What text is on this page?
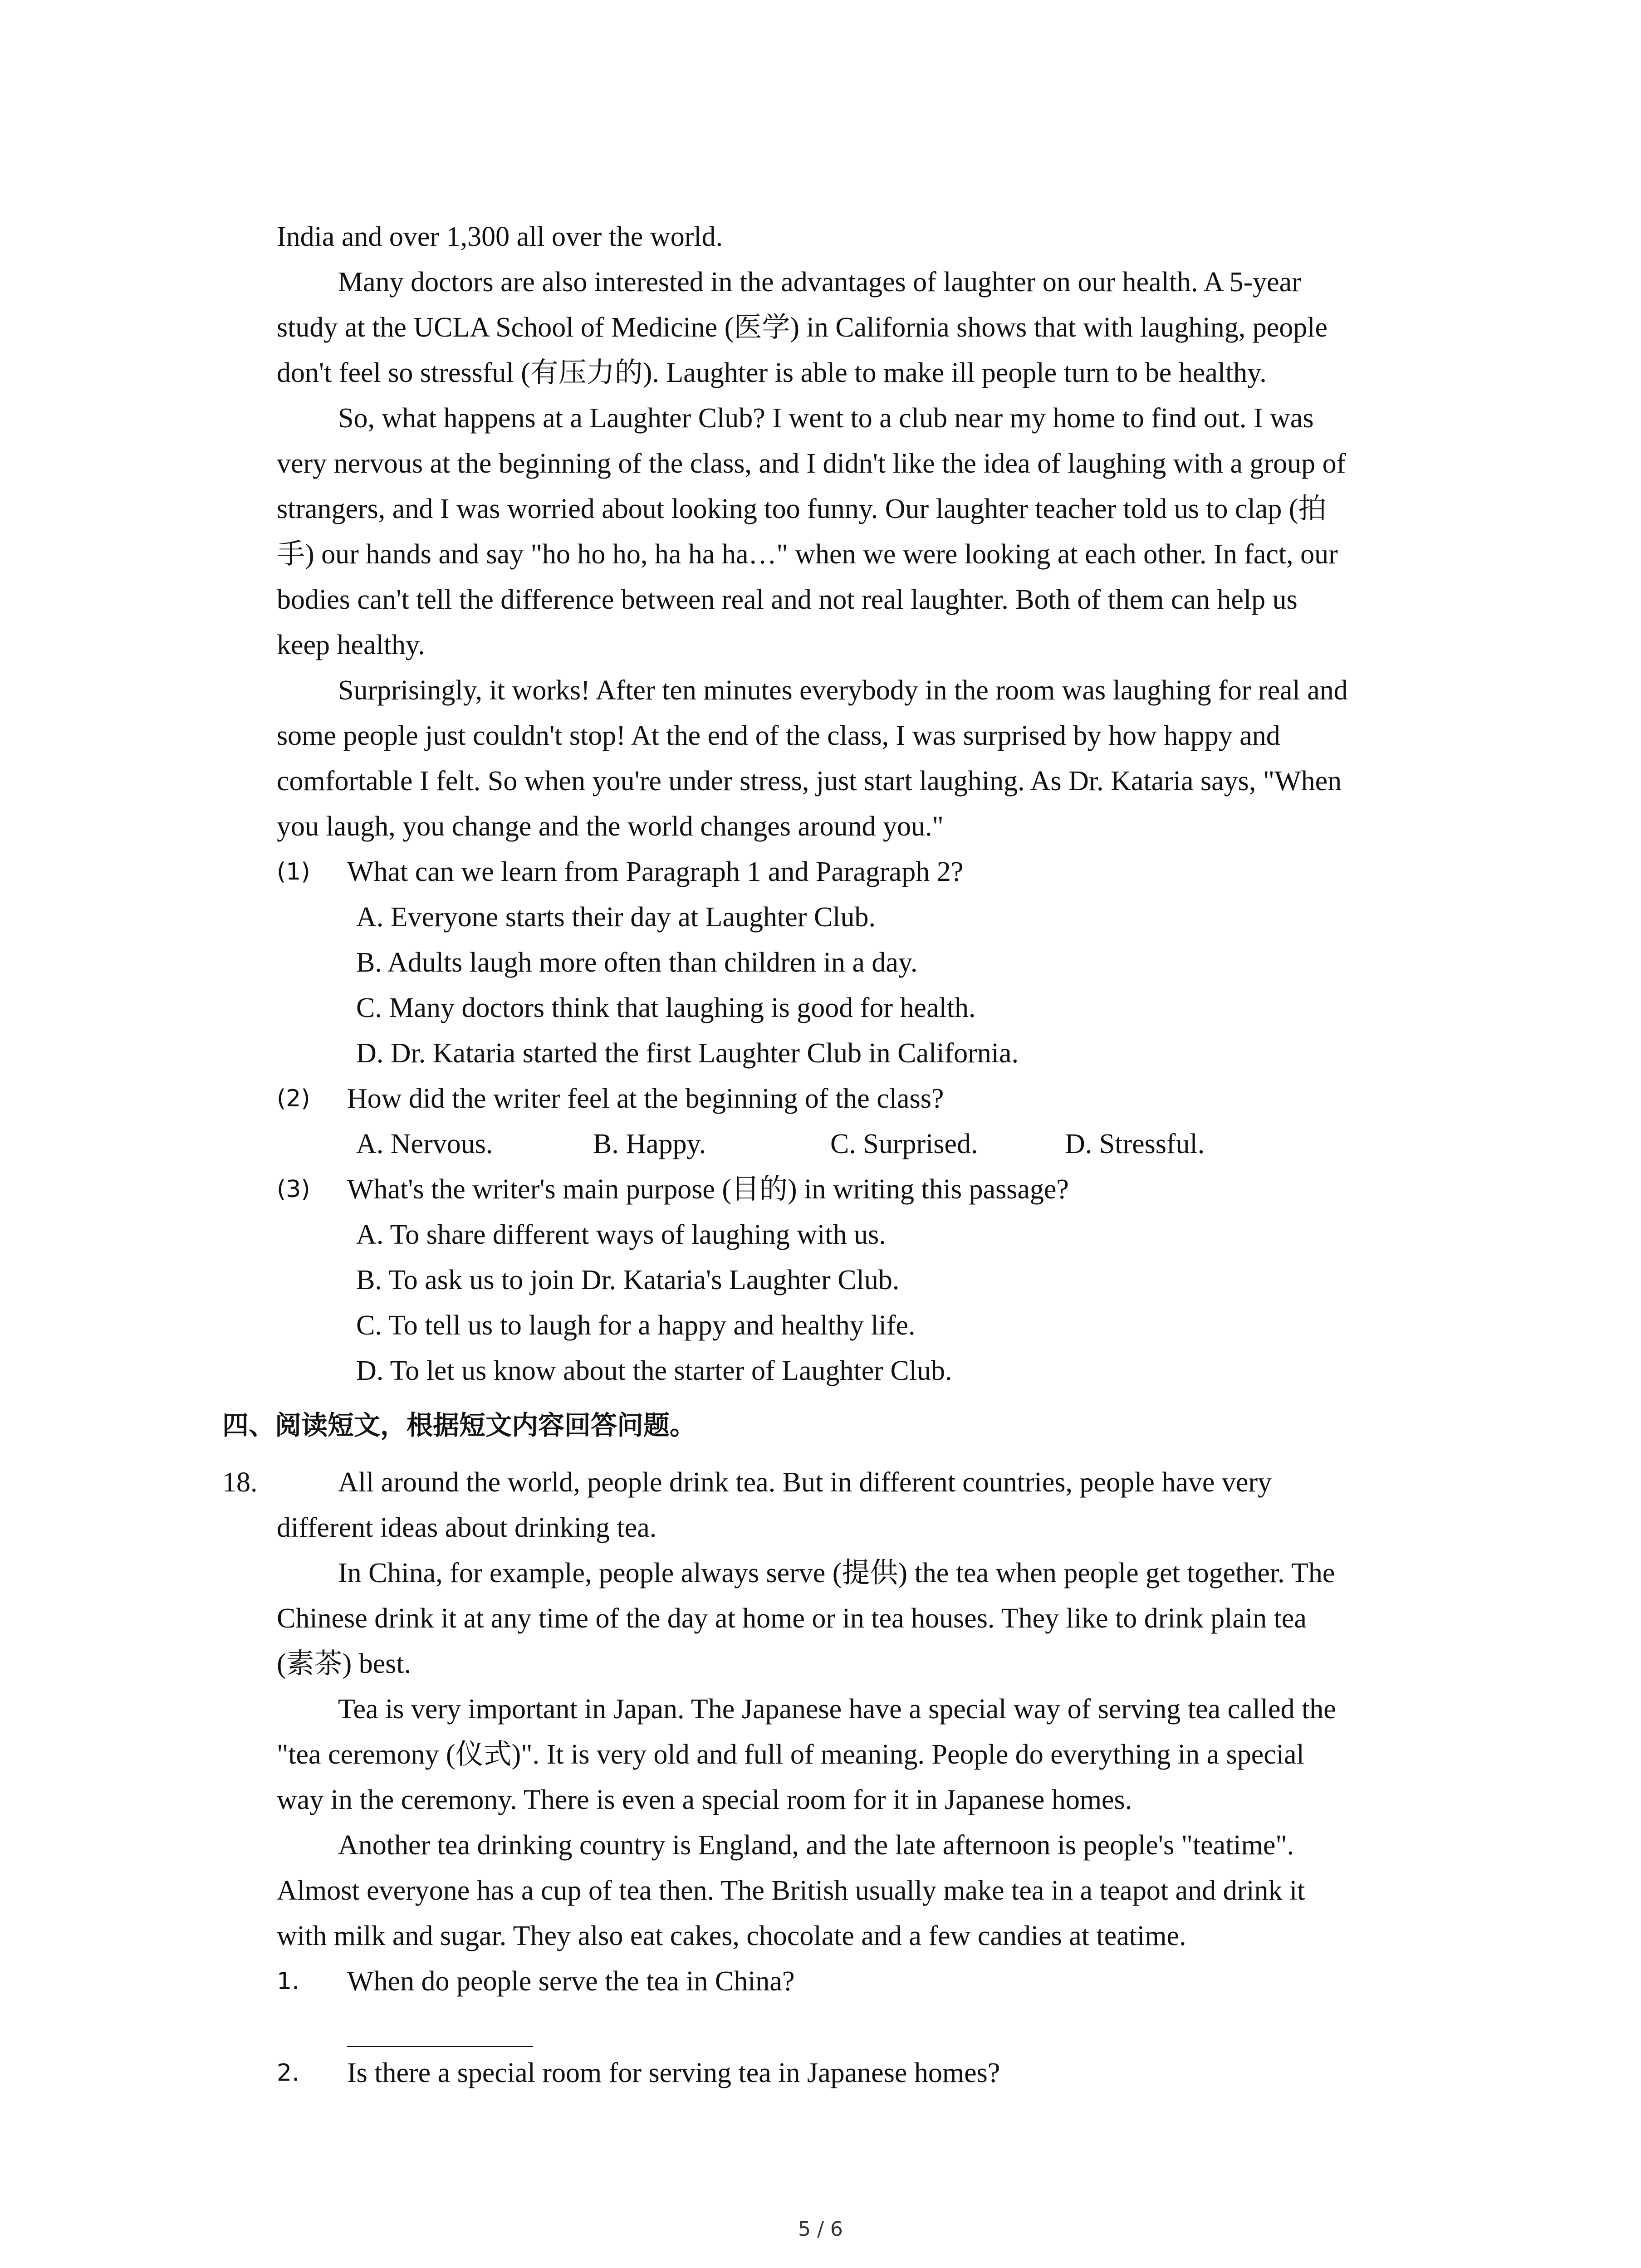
India and over 1,300 all over the world.
Many doctors are also interested in the advantages of laughter on our health. A 5-year
study at the UCLA School of Medicine (医学) in California shows that with laughing, people
don't feel so stressful (有压力的). Laughter is able to make ill people turn to be healthy.
So, what happens at a Laughter Club? I went to a club near my home to find out. I was
very nervous at the beginning of the class, and I didn't like the idea of laughing with a group of
strangers, and I was worried about looking too funny. Our laughter teacher told us to clap (拍
手) our hands and say "ho ho ho, ha ha ha…" when we were looking at each other. In fact, our
bodies can't tell the difference between real and not real laughter. Both of them can help us
keep healthy.
Surprisingly, it works! After ten minutes everybody in the room was laughing for real and
some people just couldn't stop! At the end of the class, I was surprised by how happy and
comfortable I felt. So when you're under stress, just start laughing. As Dr. Kataria says, "When
you laugh, you change and the world changes around you."
(1) What can we learn from Paragraph 1 and Paragraph 2?
A. Everyone starts their day at Laughter Club.
B. Adults laugh more often than children in a day.
C. Many doctors think that laughing is good for health.
D. Dr. Kataria started the first Laughter Club in California.
(2) How did the writer feel at the beginning of the class?
A. Nervous.	B. Happy.	C. Surprised.	D. Stressful.
(3) What's the writer's main purpose (目的) in writing this passage?
A. To share different ways of laughing with us.
B. To ask us to join Dr. Kataria's Laughter Club.
C. To tell us to laugh for a happy and healthy life.
D. To let us know about the starter of Laughter Club.
四、阅读短文，根据短文内容回答问题。
18.	All around the world, people drink tea. But in different countries, people have very
different ideas about drinking tea.
In China, for example, people always serve (提供) the tea when people get together. The
Chinese drink it at any time of the day at home or in tea houses. They like to drink plain tea
(素茶) best.
Tea is very important in Japan. The Japanese have a special way of serving tea called the
"tea ceremony (仪式)". It is very old and full of meaning. People do everything in a special
way in the ceremony. There is even a special room for it in Japanese homes.
Another tea drinking country is England, and the late afternoon is people's "teatime".
Almost everyone has a cup of tea then. The British usually make tea in a teapot and drink it
with milk and sugar. They also eat cakes, chocolate and a few candies at teatime.
1. When do people serve the tea in China?
2. Is there a special room for serving tea in Japanese homes?
5 / 6
